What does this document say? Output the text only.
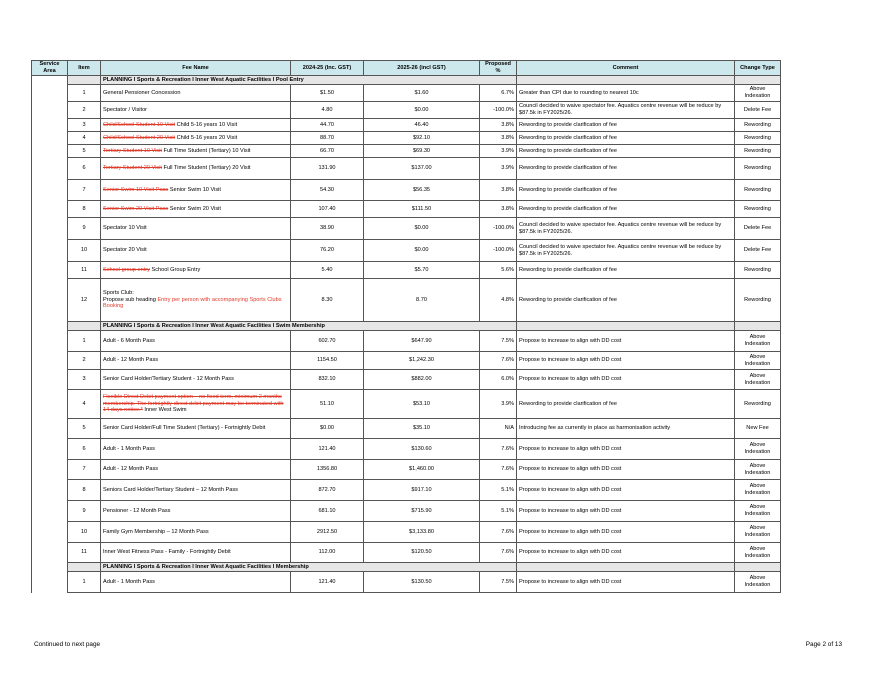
Service Area	Item	Fee Name	2024-25 (Inc. GST)	2025-26 (incl GST)	Proposed %	Comment	Change Type
		PLANNING I Sports & Recreation I Inner West Aquatic Facilities I Pool Entry					
	1	General Pensioner Concession	$1.50	$1.60	6.7%	Greater than CPI due to rounding to nearest 10c	Above Indexation
	2	Spectator / Visitor	4.80	$0.00	-100.0%	Council decided to waive spectator fee. Aquatics centre revenue will be reduce by $87.5k in FY2025/26.	Delete Fee
	3	Child/School Student 10 Visit Child 5-16 years 10 Visit	44.70	46.40	3.8%	Rewording to provide clarification of fee	Rewording
	4	Child/School Student 20 Visit Child 5-16 years 20 Visit	88.70	$92.10	3.8%	Rewording to provide clarification of fee	Rewording
	5	Tertiary Student 10 Visit Full Time Student (Tertiary) 10 Visit	66.70	$69.30	3.9%	Rewording to provide clarification of fee	Rewording
	6	Tertiary Student 20 Visit Full Time Student (Tertiary) 20 Visit	131.90	$137.00	3.9%	Rewording to provide clarification of fee	Rewording
	7	Senior Swim 10 Visit Pass Senior Swim 10 Visit	54.30	$56.35	3.8%	Rewording to provide clarification of fee	Rewording
	8	Senior Swim 20 Visit Pass Senior Swim 20 Visit	107.40	$111.50	3.8%	Rewording to provide clarification of fee	Rewording
	9	Spectator 10 Visit	38.90	$0.00	-100.0%	Council decided to waive spectator fee. Aquatics centre revenue will be reduce by $87.5k in FY2025/26.	Delete Fee
	10	Spectator 20 Visit	76.20	$0.00	-100.0%	Council decided to waive spectator fee. Aquatics centre revenue will be reduce by $87.5k in FY2025/26.	Delete Fee
	11	School group entry School Group Entry	5.40	$5.70	5.6%	Rewording to provide clarification of fee	Rewording
	12	Sports Club:
Propose sub heading Entry per person with accompanying Sports Clubs Booking	8.30	8.70	4.8%	Rewording to provide clarification of fee	Rewording
		PLANNING I Sports & Recreation I Inner West Aquatic Facilities I Swim Membership					
	1	Adult - 6 Month Pass	602.70	$647.90	7.5%	Propose to increase to align with DD cost	Above Indexation
	2	Adult - 12 Month Pass	1154.50	$1,242.30	7.6%	Propose to increase to align with DD cost	Above Indexation
	3	Senior Card Holder/Tertiary Student - 12 Month Pass	832.10	$882.00	6.0%	Propose to increase to align with DD cost	Above Indexation
	4	Flexible Direct Debit payment option – no fixed term, minimum 2 months membership. The fortnightly direct debit payment may be terminated with 14 days notice.* Inner West Swim	51.10	$53.10	3.9%	Rewording to provide clarification of fee	Rewording
	5	Senior Card Holder/Full Time Student (Tertiary) - Fortnightly Debit	$0.00	$35.10	N/A	Introducing fee as currently in place as harmonisation activity	New Fee
	6	Adult - 1 Month Pass	121.40	$130.60	7.6%	Propose to increase to align with DD cost	Above Indexation
	7	Adult - 12 Month Pass	1356.80	$1,460.00	7.6%	Propose to increase to align with DD cost	Above Indexation
	8	Seniors Card Holder/Tertiary Student – 12 Month Pass	872.70	$917.10	5.1%	Propose to increase to align with DD cost	Above Indexation
	9	Pensioner - 12 Month Pass	681.10	$715.90	5.1%	Propose to increase to align with DD cost	Above Indexation
	10	Family Gym Membership – 12 Month Pass	2912.50	$3,133.80	7.6%	Propose to increase to align with DD cost	Above Indexation
	11	Inner West Fitness Pass - Family - Fortnightly Debit	112.00	$120.50	7.6%	Propose to increase to align with DD cost	Above Indexation
		PLANNING I Sports & Recreation I Inner West Aquatic Facilities I Membership					
	1	Adult - 1 Month Pass	121.40	$130.50	7.5%	Propose to increase to align with DD cost	Above Indexation
Continued to next page	Page 2 of 13
